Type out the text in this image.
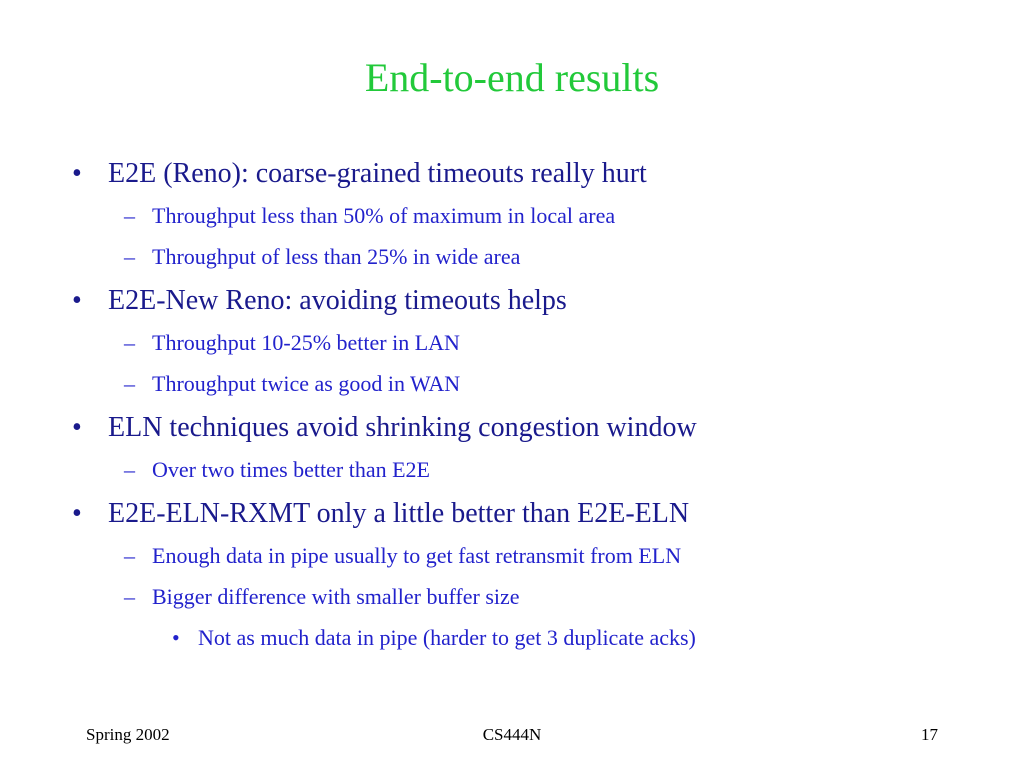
End-to-end results
• E2E (Reno): coarse-grained timeouts really hurt
– Throughput less than 50% of maximum in local area
– Throughput of less than 25% in wide area
• E2E-New Reno: avoiding timeouts helps
– Throughput 10-25% better in LAN
– Throughput twice as good in WAN
• ELN techniques avoid shrinking congestion window
– Over two times better than E2E
• E2E-ELN-RXMT only a little better than E2E-ELN
– Enough data in pipe usually to get fast retransmit from ELN
– Bigger difference with smaller buffer size
• Not as much data in pipe (harder to get 3 duplicate acks)
Spring 2002	CS444N	17
